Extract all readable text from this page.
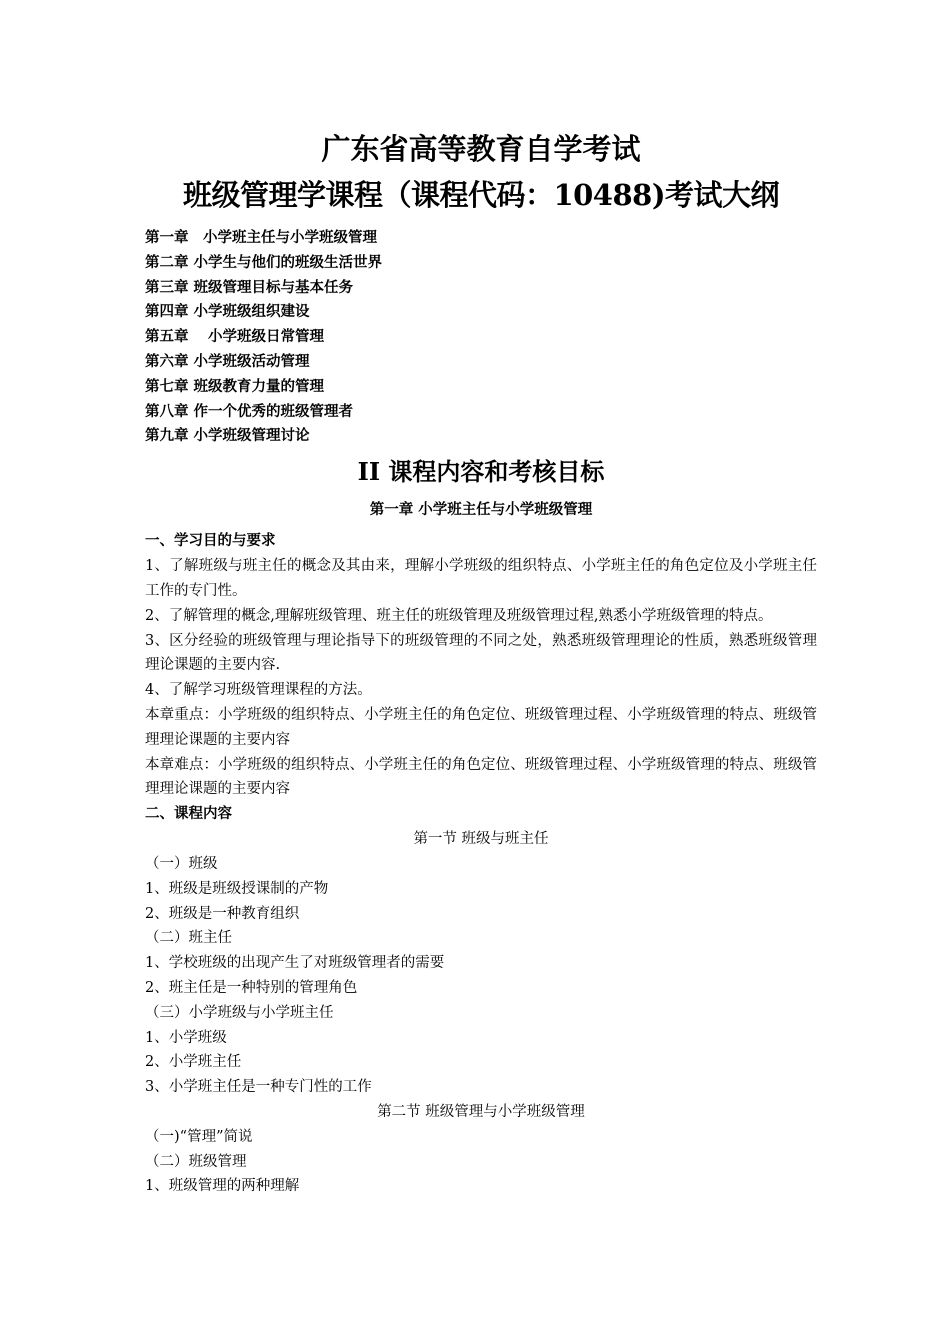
广东省高等教育自学考试
班级管理学课程（课程代码：10488)考试大纲
第一章　小学班主任与小学班级管理
第二章 小学生与他们的班级生活世界
第三章 班级管理目标与基本任务
第四章 小学班级组织建设
第五章　 小学班级日常管理
第六章 小学班级活动管理
第七章 班级教育力量的管理
第八章 作一个优秀的班级管理者
第九章 小学班级管理讨论
II 课程内容和考核目标
第一章 小学班主任与小学班级管理

一、学习目的与要求

1、了解班级与班主任的概念及其由来，理解小学班级的组织特点、小学班主任的角色定位及小学班主任工作的专门性。

2、了解管理的概念,理解班级管理、班主任的班级管理及班级管理过程,熟悉小学班级管理的特点。

3、区分经验的班级管理与理论指导下的班级管理的不同之处，熟悉班级管理理论的性质，熟悉班级管理理论课题的主要内容.

4、了解学习班级管理课程的方法。

本章重点：小学班级的组织特点、小学班主任的角色定位、班级管理过程、小学班级管理的特点、班级管理理论课题的主要内容

本章难点：小学班级的组织特点、小学班主任的角色定位、班级管理过程、小学班级管理的特点、班级管理理论课题的主要内容

二、课程内容

第一节 班级与班主任

（一）班级

1、班级是班级授课制的产物

2、班级是一种教育组织

（二）班主任

1、学校班级的出现产生了对班级管理者的需要

2、班主任是一种特别的管理角色

（三）小学班级与小学班主任

1、小学班级

2、小学班主任

3、小学班主任是一种专门性的工作

第二节 班级管理与小学班级管理

（一)“管理”简说

（二）班级管理

1、班级管理的两种理解
